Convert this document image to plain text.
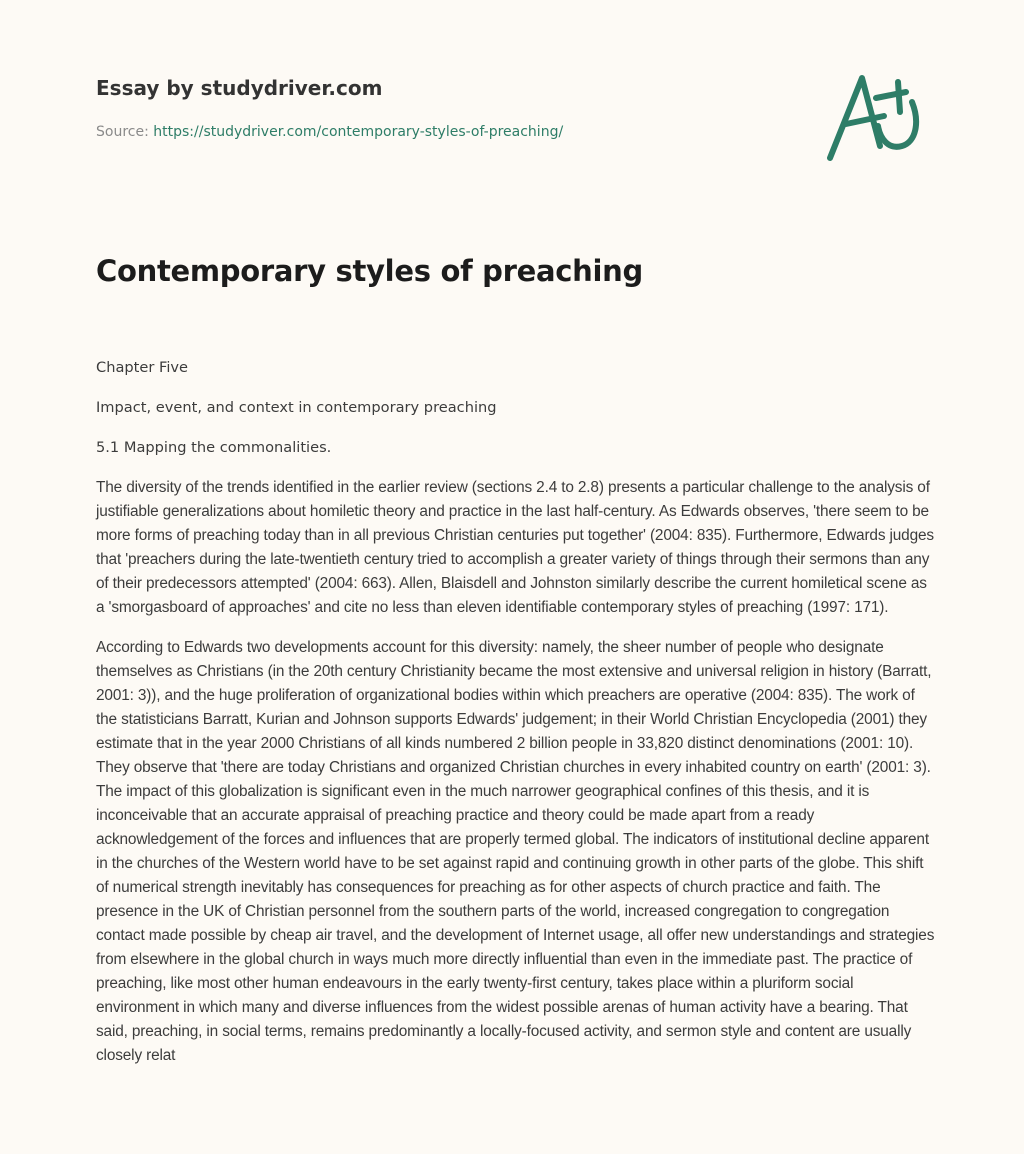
Essay by studydriver.com
Source: https://studydriver.com/contemporary-styles-of-preaching/
Contemporary styles of preaching

Chapter Five

Impact, event, and context in contemporary preaching

5.1 Mapping the commonalities.

The diversity of the trends identified in the earlier review (sections 2.4 to 2.8) presents a particular challenge to the analysis of justifiable generalizations about homiletic theory and practice in the last half-century. As Edwards observes, 'there seem to be more forms of preaching today than in all previous Christian centuries put together' (2004: 835). Furthermore, Edwards judges that 'preachers during the late-twentieth century tried to accomplish a greater variety of things through their sermons than any of their predecessors attempted' (2004: 663). Allen, Blaisdell and Johnston similarly describe the current homiletical scene as a 'smorgasboard of approaches' and cite no less than eleven identifiable contemporary styles of preaching (1997: 171).

According to Edwards two developments account for this diversity: namely, the sheer number of people who designate themselves as Christians (in the 20th century Christianity became the most extensive and universal religion in history (Barratt, 2001: 3)), and the huge proliferation of organizational bodies within which preachers are operative (2004: 835). The work of the statisticians Barratt, Kurian and Johnson supports Edwards' judgement; in their World Christian Encyclopedia (2001) they estimate that in the year 2000 Christians of all kinds numbered 2 billion people in 33,820 distinct denominations (2001: 10). They observe that 'there are today Christians and organized Christian churches in every inhabited country on earth' (2001: 3). The impact of this globalization is significant even in the much narrower geographical confines of this thesis, and it is inconceivable that an accurate appraisal of preaching practice and theory could be made apart from a ready acknowledgement of the forces and influences that are properly termed global. The indicators of institutional decline apparent in the churches of the Western world have to be set against rapid and continuing growth in other parts of the globe. This shift of numerical strength inevitably has consequences for preaching as for other aspects of church practice and faith. The presence in the UK of Christian personnel from the southern parts of the world, increased congregation to congregation contact made possible by cheap air travel, and the development of Internet usage, all offer new understandings and strategies from elsewhere in the global church in ways much more directly influential than even in the immediate past. The practice of preaching, like most other human endeavours in the early twenty-first century, takes place within a pluriform social environment in which many and diverse influences from the widest possible arenas of human activity have a bearing. That said, preaching, in social terms, remains predominantly a locally-focused activity, and sermon style and content are usually closely relat
